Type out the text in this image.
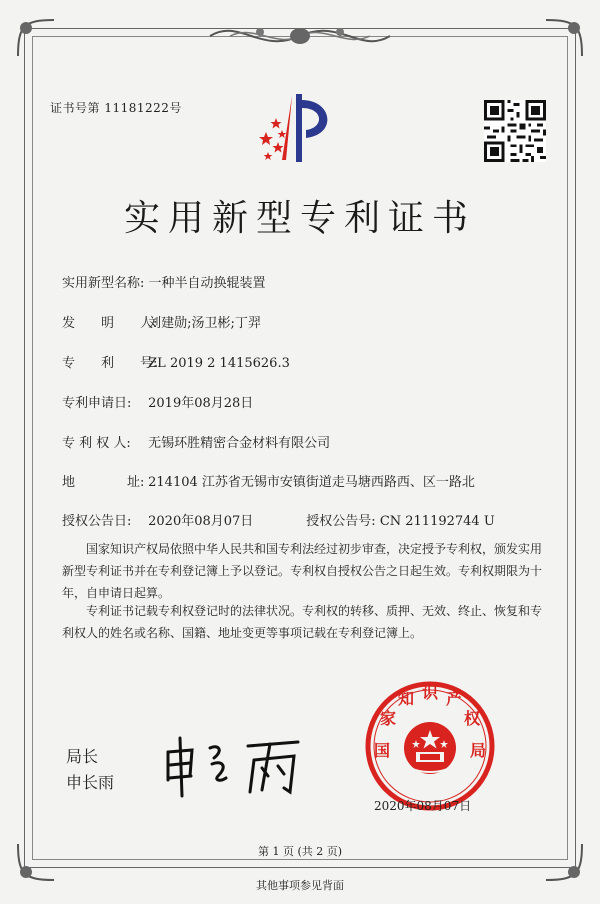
证书号第 11181222号
实用新型专利证书
实用新型名称: 一种半自动换辊装置
发　　明　　人: 刘建勋;汤卫彬;丁羿
专　　利　　号: ZL 2019 2 1415626.3
专利申请日: 2019年08月28日
专 利 权 人: 无锡环胜精密合金材料有限公司
地　　　　址: 214104 江苏省无锡市安镇街道走马塘西路西、区一路北
授权公告日: 2020年08月07日	授权公告号: CN 211192744 U
国家知识产权局依照中华人民共和国专利法经过初步审查，决定授予专利权，颁发实用新型专利证书并在专利登记簿上予以登记。专利权自授权公告之日起生效。专利权期限为十年，自申请日起算。
专利证书记载专利权登记时的法律状况。专利权的转移、质押、无效、终止、恢复和专利权人的姓名或名称、国籍、地址变更等事项记载在专利登记簿上。
局长
申长雨
国
家
知 识 产
权
局
2020年08月07日
第 1 页 (共 2 页)
其他事项参见背面
